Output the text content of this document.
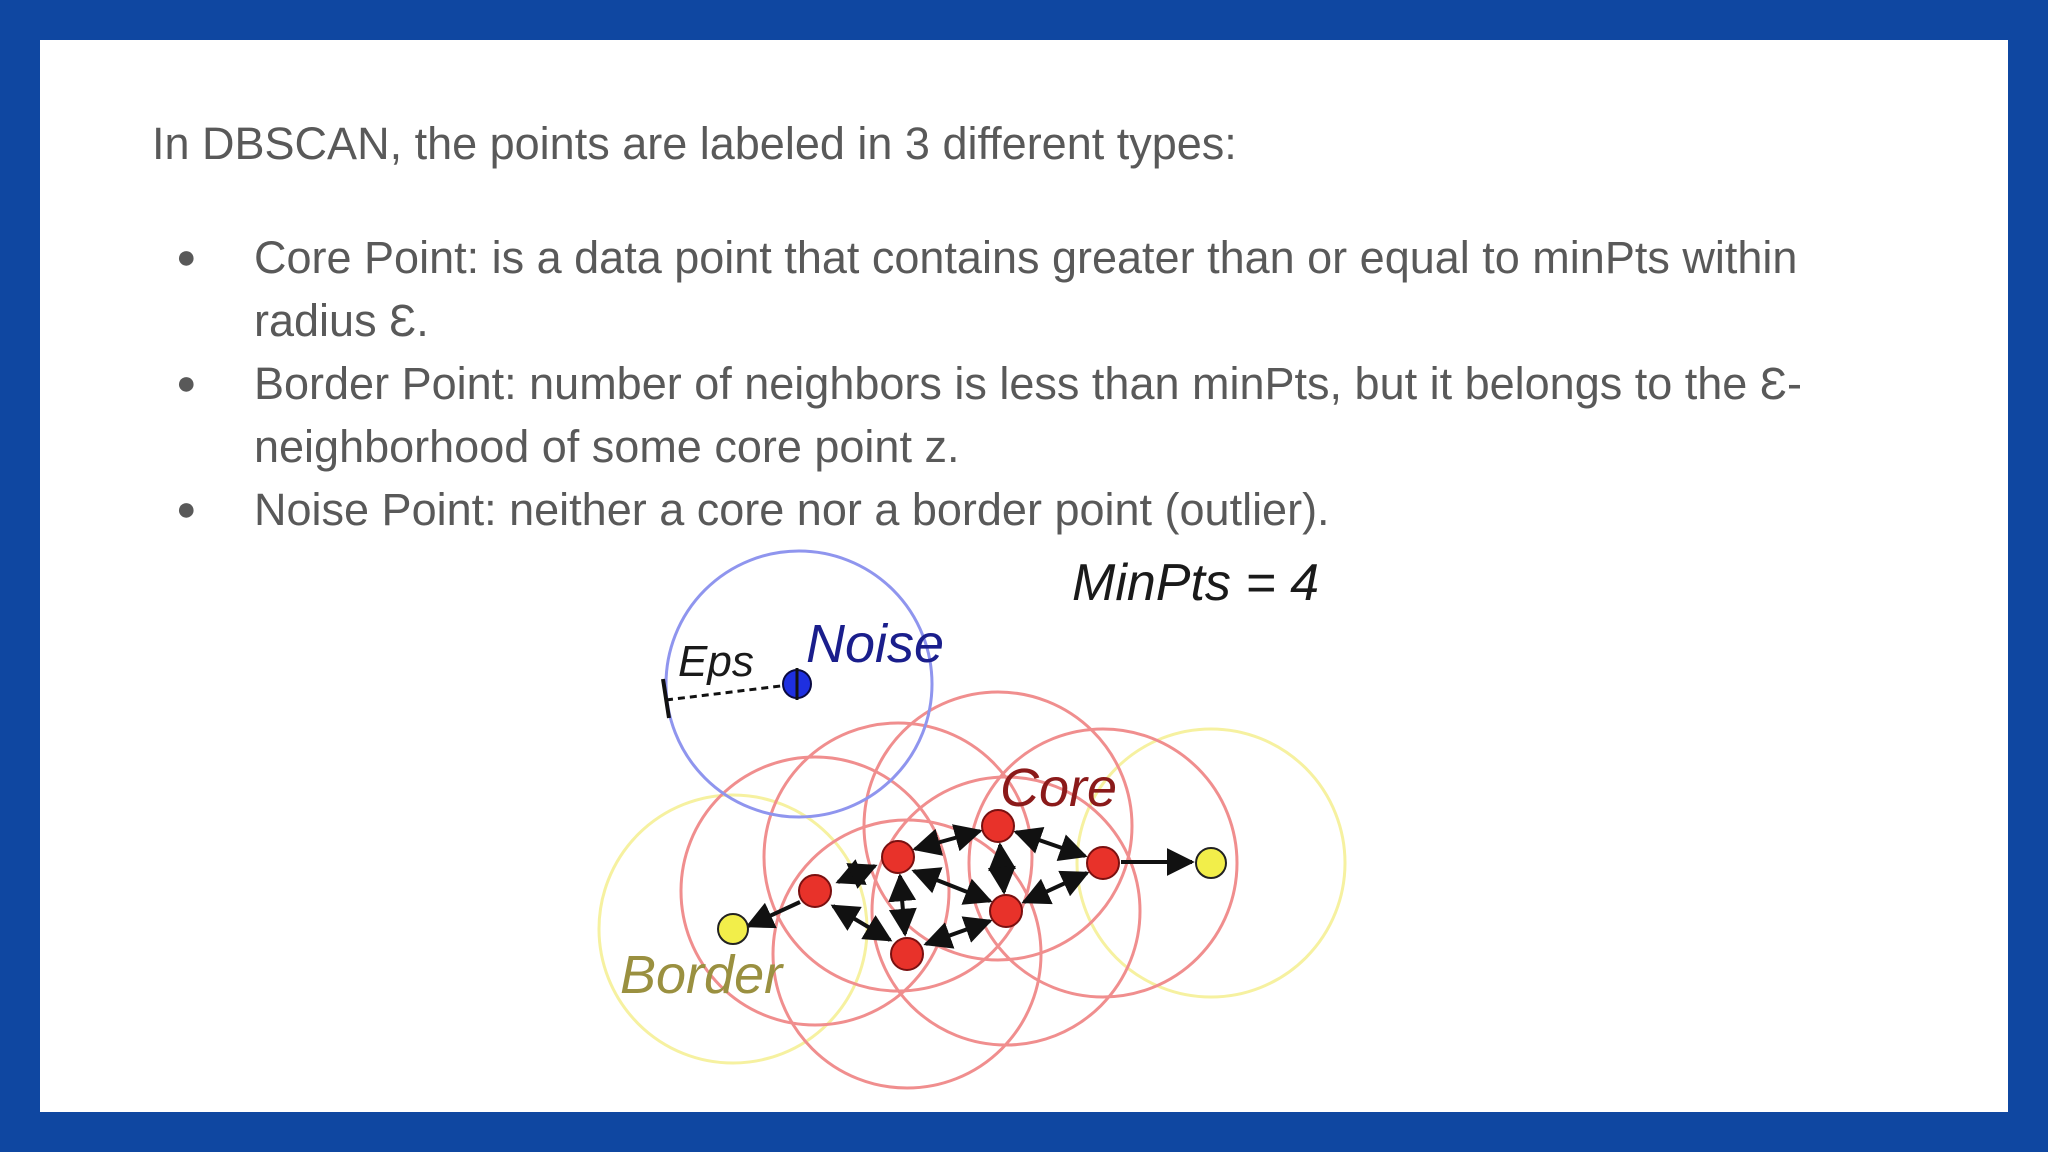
In DBSCAN, the points are labeled in 3 different types:

● Core Point: is a data point that contains greater than or equal to minPts within radius Ɛ.
● Border Point: number of neighbors is less than minPts, but it belongs to the Ɛ-neighborhood of some core point z.
● Noise Point: neither a core nor a border point (outlier).
MinPts = 4
Eps Noise
Core
Border
